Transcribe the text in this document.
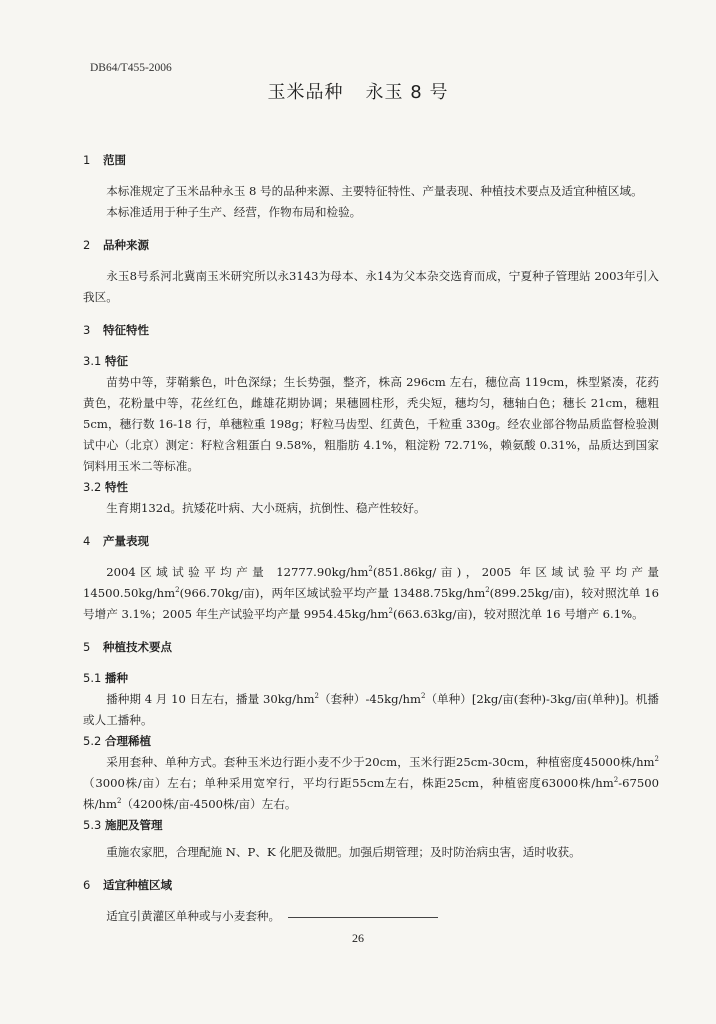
DB64/T455-2006
玉米品种 永玉 8 号
1 范围

本标准规定了玉米品种永玉 8 号的品种来源、主要特征特性、产量表现、种植技术要点及适宜种植区域。

本标准适用于种子生产、经营，作物布局和检验。

2 品种来源

永玉8号系河北冀南玉米研究所以永3143为母本、永14为父本杂交选育而成，宁夏种子管理站 2003年引入我区。

3 特征特性
3.1 特征

苗势中等，芽鞘紫色，叶色深绿；生长势强，整齐，株高 296cm 左右，穗位高 119cm，株型紧凑，花药黄色，花粉量中等，花丝红色，雌雄花期协调；果穗圆柱形，秃尖短，穗均匀，穗轴白色；穗长 21cm，穗粗 5cm，穗行数 16-18 行，单穗粒重 198g；籽粒马齿型、红黄色，千粒重 330g。经农业部谷物品质监督检验测试中心（北京）测定：籽粒含粗蛋白 9.58%，粗脂肪 4.1%，粗淀粉 72.71%，赖氨酸 0.31%，品质达到国家饲料用玉米二等标准。

3.2 特性

生育期132d。抗矮花叶病、大小斑病，抗倒性、稳产性较好。

4 产量表现

2004区域试验平均产量 $12777.90kg/hm^2(851.86kg/$亩)，2005 年区域试验平均产量 $14500.50kg/hm^2(966.70kg/$亩)，两年区域试验平均产量 $13488.75kg/hm^2(899.25kg/$亩)，较对照沈单 16 号增产 3.1%；2005 年生产试验平均产量 $9954.45kg/hm^2(663.63kg/$亩)，较对照沈单 16 号增产 6.1%。

5 种植技术要点
5.1 播种

播种期 4 月 10 日左右，播量 $30kg/hm^2$（套种）$-45kg/hm^2$（单种）[2kg/亩(套种)-3kg/亩(单种)]。机播或人工播种。

5.2 合理稀植

采用套种、单种方式。套种玉米边行距小麦不少于20cm，玉米行距25cm-30cm，种植密度45000株$/hm^2(3000$株/亩）左右；单种采用宽窄行，平均行距55cm左右，株距25cm，种植密度63000株$/hm^2-67500$株$/hm^2(4200$株/亩-4500株/亩）左右。

5.3 施肥及管理

重施农家肥，合理配施 N、P、K 化肥及微肥。加强后期管理；及时防治病虫害，适时收获。

6 适宜种植区域

适宜引黄灌区单种或与小麦套种。

26
